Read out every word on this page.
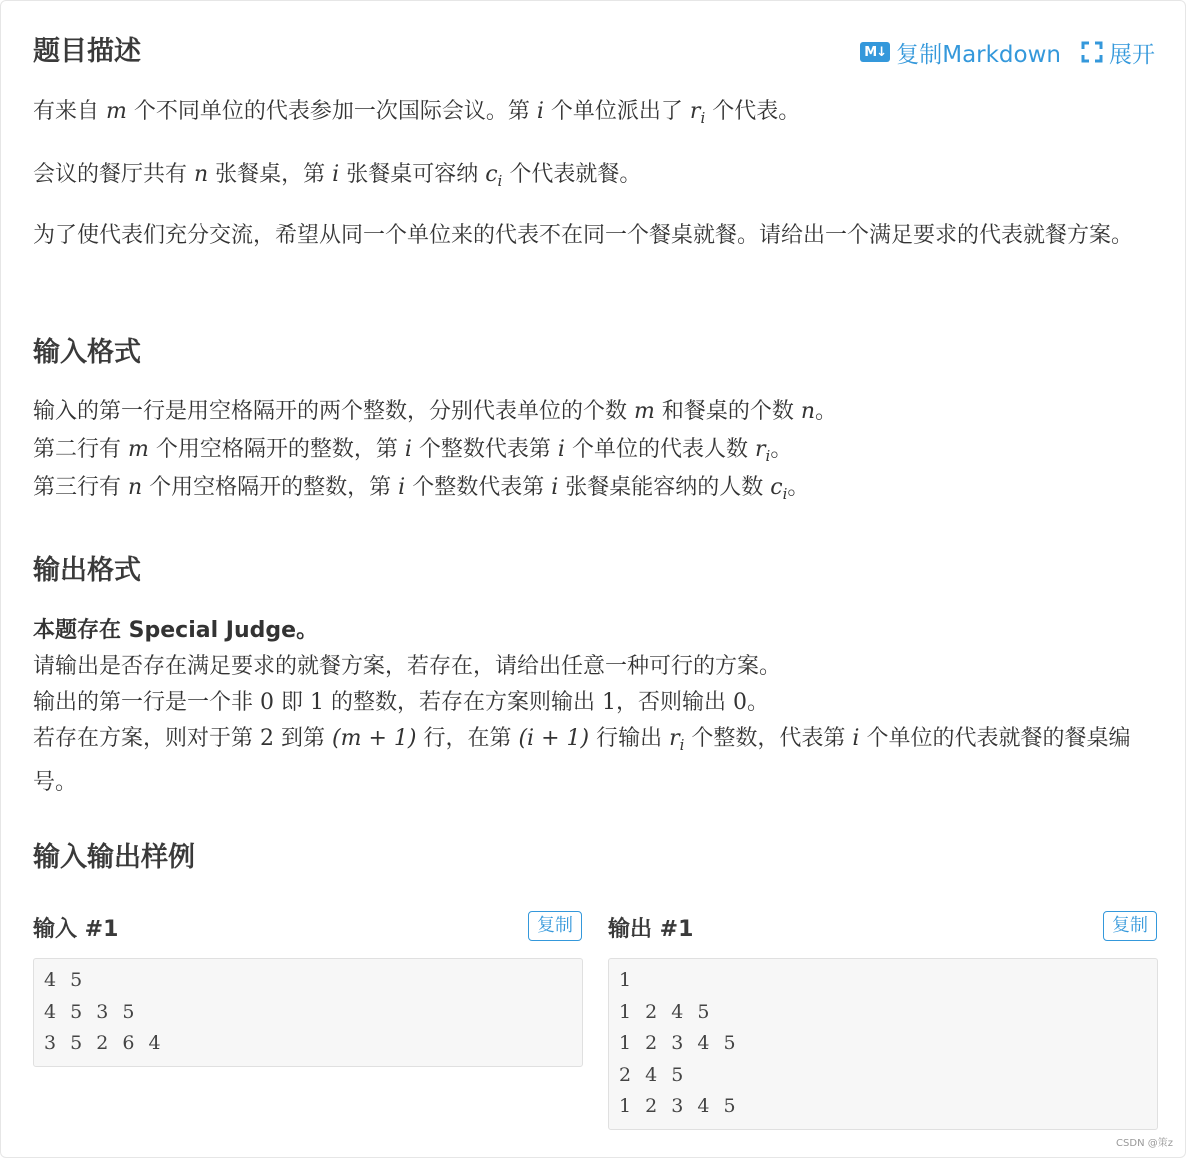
题目描述	M↓ 复制Markdown 展开

有来自 m 个不同单位的代表参加一次国际会议。第 i 个单位派出了 $r_i$ 个代表。

会议的餐厅共有 n 张餐桌，第 i 张餐桌可容纳 $c_i$ 个代表就餐。

为了使代表们充分交流，希望从同一个单位来的代表不在同一个餐桌就餐。请给出一个满足要求的代表就餐方案。

输入格式

输入的第一行是用空格隔开的两个整数，分别代表单位的个数 m 和餐桌的个数 n。

第二行有 m 个用空格隔开的整数，第 i 个整数代表第 i 个单位的代表人数 $r_i$。

第三行有 n 个用空格隔开的整数，第 i 个整数代表第 i 张餐桌能容纳的人数 $c_i$。

输出格式

本题存在 Special Judge。

请输出是否存在满足要求的就餐方案，若存在，请给出任意一种可行的方案。

输出的第一行是一个非 0 即 1 的整数，若存在方案则输出 1，否则输出 0。

若存在方案，则对于第 2 到第 (m + 1) 行，在第 (i + 1) 行输出 $r_i$ 个整数，代表第 i 个单位的代表就餐的餐桌编号。

输入输出样例
输入 #1	复制
4 5
4 5 3 5
3 5 2 6 4
输出 #1	复制
1
1 2 4 5
1 2 3 4 5
2 4 5
1 2 3 4 5
CSDN @策z
